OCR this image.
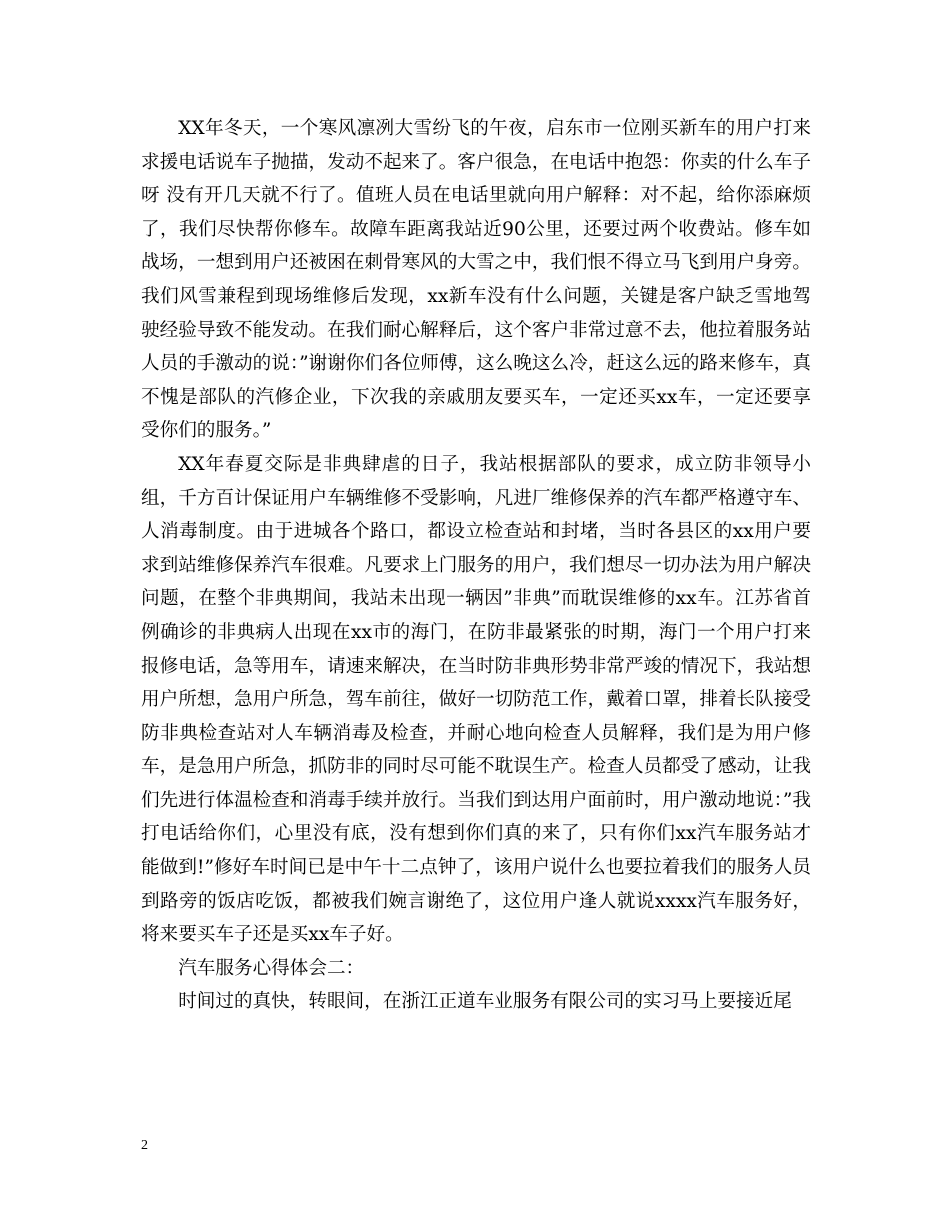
XX年冬天，一个寒风凛冽大雪纷飞的午夜，启东市一位刚买新车的用户打来求援电话说车子抛描，发动不起来了。客户很急，在电话中抱怨：你卖的什么车子呀 没有开几天就不行了。值班人员在电话里就向用户解释：对不起，给你添麻烦了，我们尽快帮你修车。故障车距离我站近90公里，还要过两个收费站。修车如战场，一想到用户还被困在刺骨寒风的大雪之中，我们恨不得立马飞到用户身旁。我们风雪兼程到现场维修后发现，xx新车没有什么问题，关键是客户缺乏雪地驾驶经验导致不能发动。在我们耐心解释后，这个客户非常过意不去，他拉着服务站人员的手激动的说：”谢谢你们各位师傅，这么晚这么冷，赶这么远的路来修车，真不愧是部队的汽修企业，下次我的亲戚朋友要买车，一定还买xx车，一定还要享受你们的服务。”

XX年春夏交际是非典肆虐的日子，我站根据部队的要求，成立防非领导小组，千方百计保证用户车辆维修不受影响，凡进厂维修保养的汽车都严格遵守车、人消毒制度。由于进城各个路口，都设立检查站和封堵，当时各县区的xx用户要求到站维修保养汽车很难。凡要求上门服务的用户，我们想尽一切办法为用户解决问题，在整个非典期间，我站未出现一辆因”非典”而耽误维修的xx车。江苏省首例确诊的非典病人出现在xx市的海门，在防非最紧张的时期，海门一个用户打来报修电话，急等用车，请速来解决，在当时防非典形势非常严竣的情况下，我站想用户所想，急用户所急，驾车前往，做好一切防范工作，戴着口罩，排着长队接受防非典检查站对人车辆消毒及检查，并耐心地向检查人员解释，我们是为用户修车，是急用户所急，抓防非的同时尽可能不耽误生产。检查人员都受了感动，让我们先进行体温检查和消毒手续并放行。当我们到达用户面前时，用户激动地说：”我打电话给你们，心里没有底，没有想到你们真的来了，只有你们xx汽车服务站才能做到!”修好车时间已是中午十二点钟了，该用户说什么也要拉着我们的服务人员到路旁的饭店吃饭，都被我们婉言谢绝了，这位用户逢人就说xxxx汽车服务好，将来要买车子还是买xx车子好。

汽车服务心得体会二：

时间过的真快，转眼间，在浙江正道车业服务有限公司的实习马上要接近尾

2
